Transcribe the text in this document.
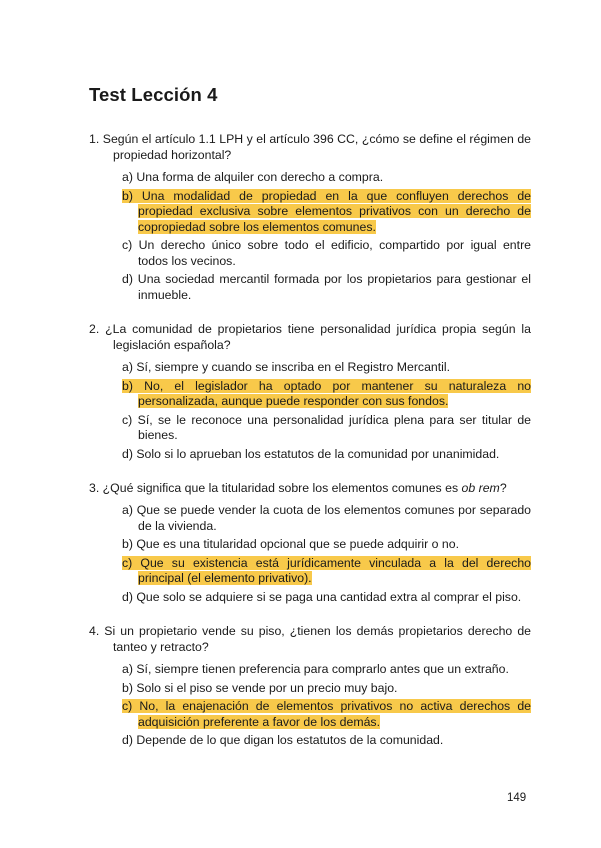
Test Lección 4
1. Según el artículo 1.1 LPH y el artículo 396 CC, ¿cómo se define el régimen de propiedad horizontal?
a) Una forma de alquiler con derecho a compra.
b) Una modalidad de propiedad en la que confluyen derechos de propiedad exclusiva sobre elementos privativos con un derecho de copropiedad sobre los elementos comunes.
c) Un derecho único sobre todo el edificio, compartido por igual entre todos los vecinos.
d) Una sociedad mercantil formada por los propietarios para gestionar el inmueble.
2. ¿La comunidad de propietarios tiene personalidad jurídica propia según la legislación española?
a) Sí, siempre y cuando se inscriba en el Registro Mercantil.
b) No, el legislador ha optado por mantener su naturaleza no personalizada, aunque puede responder con sus fondos.
c) Sí, se le reconoce una personalidad jurídica plena para ser titular de bienes.
d) Solo si lo aprueban los estatutos de la comunidad por unanimidad.
3. ¿Qué significa que la titularidad sobre los elementos comunes es ob rem?
a) Que se puede vender la cuota de los elementos comunes por separado de la vivienda.
b) Que es una titularidad opcional que se puede adquirir o no.
c) Que su existencia está jurídicamente vinculada a la del derecho principal (el elemento privativo).
d) Que solo se adquiere si se paga una cantidad extra al comprar el piso.
4. Si un propietario vende su piso, ¿tienen los demás propietarios derecho de tanteo y retracto?
a) Sí, siempre tienen preferencia para comprarlo antes que un extraño.
b) Solo si el piso se vende por un precio muy bajo.
c) No, la enajenación de elementos privativos no activa derechos de adquisición preferente a favor de los demás.
d) Depende de lo que digan los estatutos de la comunidad.
149
